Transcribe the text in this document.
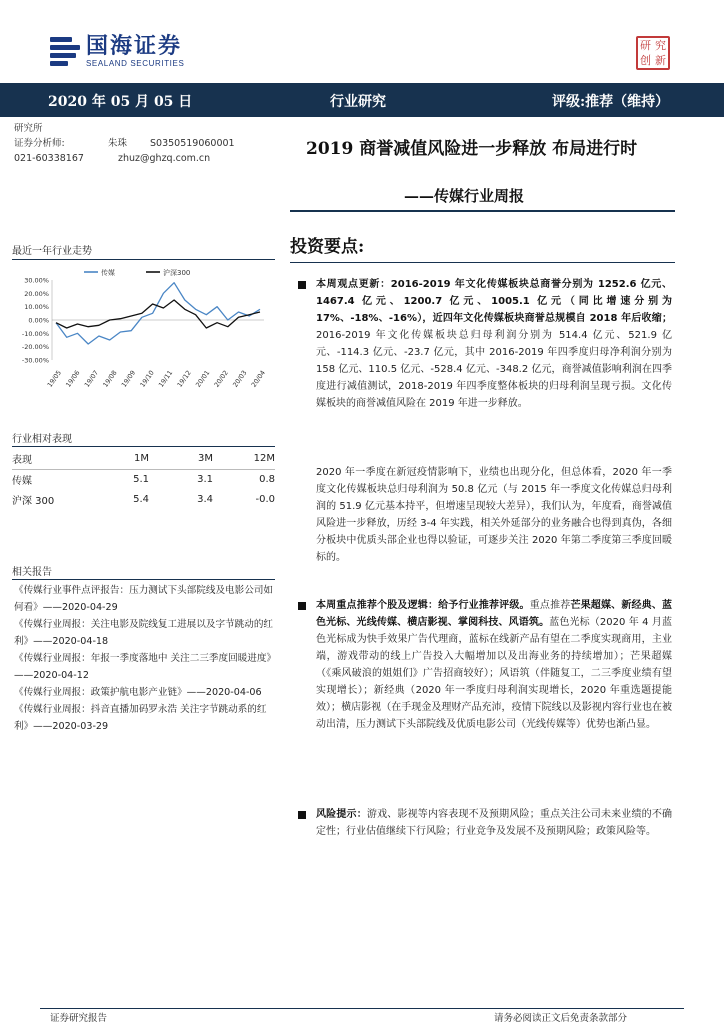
国海证券
SEALAND SECURITIES
研 究
创 新
2020 年 05 月 05 日	行业研究	评级:推荐（维持）
研究所
证券分析师:	朱珠	S0350519060001
021-60338167	zhuz@ghzq.com.cn	2019 商誉减值风险进一步释放 布局进行时
——传媒行业周报
最近一年行业走势
传媒	沪深300
30.00%
20.00%
10.00%
0.00%
-10.00%
-20.00%
-30.00%
19/05 19/06 19/07 19/08 19/09 19/10 19/11 19/12 20/01 20/02 20/03 20/04
行业相对表现
表现	1M	3M	12M
传媒	5.1	3.1	0.8
沪深 300	5.4	3.4	-0.0
相关报告
《传媒行业事件点评报告：压力测试下头部院线及电影公司如何看》——2020-04-29
《传媒行业周报：关注电影及院线复工进展以及字节跳动的红利》——2020-04-18
《传媒行业周报：年报一季度落地中 关注二三季度回暖进度》——2020-04-12
《传媒行业周报：政策护航电影产业链》——2020-04-06
《传媒行业周报：抖音直播加码罗永浩 关注字节跳动系的红利》——2020-03-29
投资要点:
本周观点更新：2016-2019 年文化传媒板块总商誉分别为 1252.6 亿元、1467.4 亿元、1200.7 亿元、1005.1 亿元（同比增速分别为 17%、-18%、-16%），近四年文化传媒板块商誉总规模自 2018 年后收缩；2016-2019 年文化传媒板块总归母利润分别为 514.4 亿元、521.9 亿元、-114.3 亿元、-23.7 亿元，其中 2016-2019 年四季度归母净利润分别为 158 亿元、110.5 亿元、-528.4 亿元、-348.2 亿元，商誉减值影响利润在四季度进行减值测试，2018-2019 年四季度整体板块的归母利润呈现亏损。文化传媒板块的商誉减值风险在 2019 年进一步释放。
2020 年一季度在新冠疫情影响下，业绩也出现分化，但总体看，2020 年一季度文化传媒板块总归母利润为 50.8 亿元（与 2015 年一季度文化传媒总归母利润的 51.9 亿元基本持平，但增速呈现较大差异），我们认为，年度看，商誉减值风险进一步释放，历经 3-4 年实践，相关外延部分的业务融合也得到真伪，各细分板块中优质头部企业也得以验证，可逐步关注 2020 年第二季度第三季度回暖标的。
本周重点推荐个股及逻辑：给予行业推荐评级。重点推荐芒果超媒、新经典、蓝色光标、光线传媒、横店影视、掌阅科技、风语筑。蓝色光标（2020 年 4 月蓝色光标成为快手效果广告代理商，蓝标在线新产品有望在二季度实现商用，主业端，游戏带动的线上广告投入大幅增加以及出海业务的持续增加）；芒果超媒（《乘风破浪的姐姐们》广告招商较好）；风语筑（伴随复工，二三季度业绩有望实现增长）；新经典（2020 年一季度归母利润实现增长，2020 年重选题提能效）；横店影视（在手现金及理财产品充沛，疫情下院线以及影视内容行业也在被动出清，压力测试下头部院线及优质电影公司（光线传媒等）优势也渐凸显。
风险提示：游戏、影视等内容表现不及预期风险；重点关注公司未来业绩的不确定性；行业估值继续下行风险；行业竞争及发展不及预期风险；政策风险等。
证券研究报告	请务必阅读正文后免责条款部分
